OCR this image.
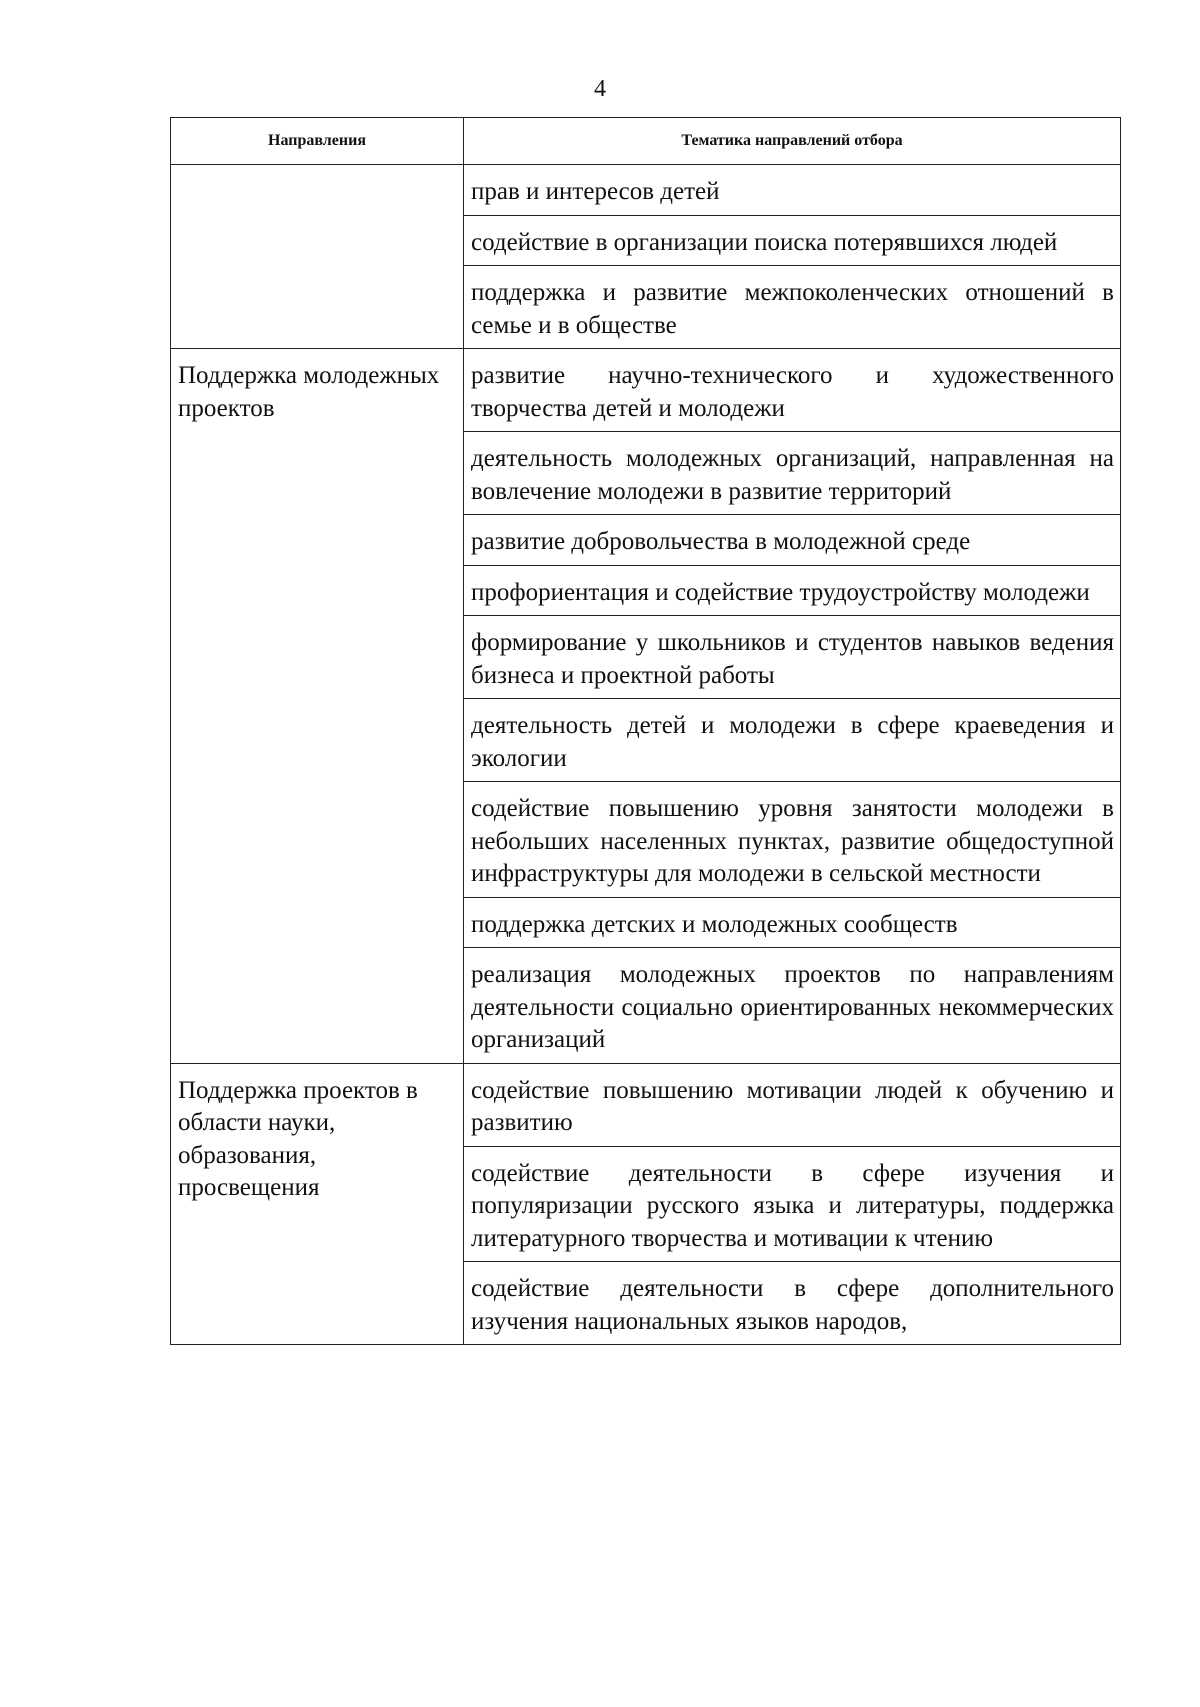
4
Направления	Тематика направлений отбора
	прав и интересов детей
	содействие в организации поиска потерявшихся людей
	поддержка и развитие межпоколенческих отношений в семье и в обществе
Поддержка молодежных проектов	развитие научно-технического и художественного творчества детей и молодежи
	деятельность молодежных организаций, направленная на вовлечение молодежи в развитие территорий
	развитие добровольчества в молодежной среде
	профориентация и содействие трудоустройству молодежи
	формирование у школьников и студентов навыков ведения бизнеса и проектной работы
	деятельность детей и молодежи в сфере краеведения и экологии
	содействие повышению уровня занятости молодежи в небольших населенных пунктах, развитие общедоступной инфраструктуры для молодежи в сельской местности
	поддержка детских и молодежных сообществ
	реализация молодежных проектов по направлениям деятельности социально ориентированных некоммерческих организаций
Поддержка проектов в области науки, образования, просвещения	содействие повышению мотивации людей к обучению и развитию
	содействие деятельности в сфере изучения и популяризации русского языка и литературы, поддержка литературного творчества и мотивации к чтению
	содействие деятельности в сфере дополнительного изучения национальных языков народов,
